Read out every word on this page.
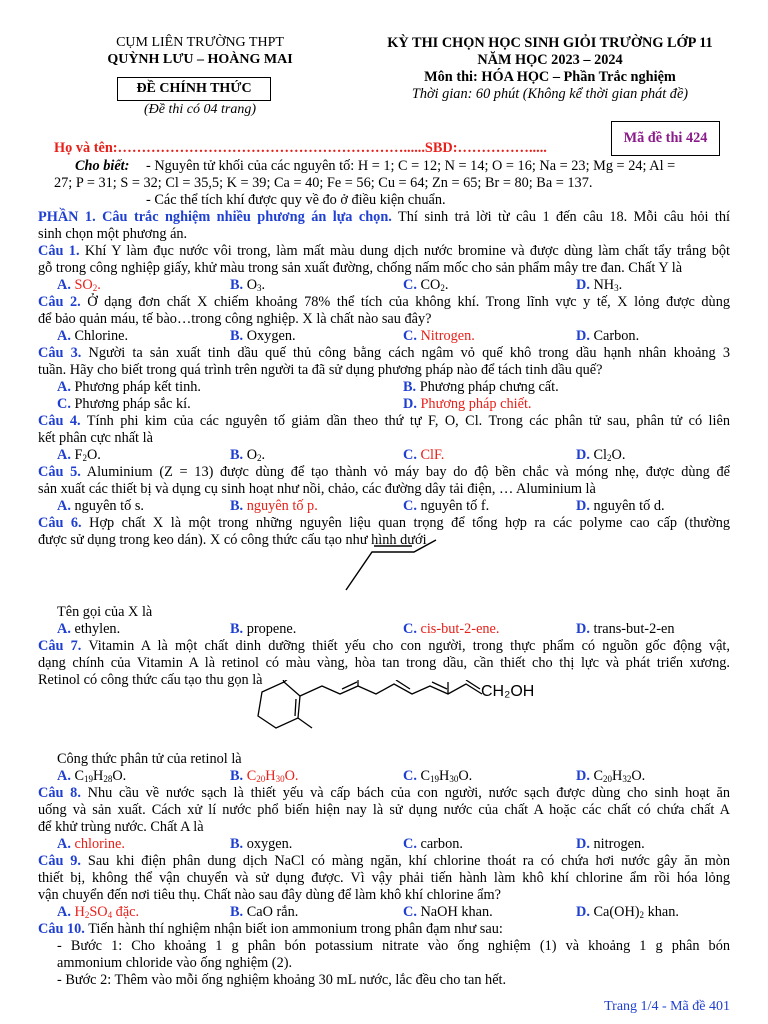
CỤM LIÊN TRƯỜNG THPT
QUỲNH LƯU – HOÀNG MAI
ĐỀ CHÍNH THỨC
(Đề thi có 04 trang)
KỲ THI CHỌN HỌC SINH GIỎI TRƯỜNG LỚP 11
NĂM HỌC 2023 – 2024
Môn thi: HÓA HỌC – Phần Trắc nghiệm
Thời gian: 60 phút (Không kể thời gian phát đề)
Mã đề thi 424
Họ và tên:……………………………………………………......SBD:…………….....
Cho biết: - Nguyên tử khối của các nguyên tố: H = 1; C = 12; N = 14; O = 16; Na = 23; Mg = 24; Al =
27; P = 31; S = 32; Cl = 35,5; K = 39; Ca = 40; Fe = 56; Cu = 64; Zn = 65; Br = 80; Ba = 137.
- Các thể tích khí được quy về đo ở điều kiện chuẩn.
PHẦN 1. Câu trắc nghiệm nhiều phương án lựa chọn. Thí sinh trả lời từ câu 1 đến câu 18. Mỗi câu hỏi thí
sinh chọn một phương án.
Câu 1. Khí Y làm đục nước vôi trong, làm mất màu dung dịch nước bromine và được dùng làm chất tẩy trắng bột
gỗ trong công nghiệp giấy, khử màu trong sản xuất đường, chống nấm mốc cho sản phẩm mây tre đan. Chất Y là
A. $SO_2$.	B. $O_3$.	C. $CO_2$.	D. $NH_3$.
Câu 2. Ở dạng đơn chất X chiếm khoảng 78% thể tích của không khí. Trong lĩnh vực y tế, X lỏng được dùng
để bảo quản máu, tế bào…trong công nghiệp. X là chất nào sau đây?
A. Chlorine.	B. Oxygen.	C. Nitrogen.	D. Carbon.
Câu 3. Người ta sản xuất tinh dầu quế thủ công bằng cách ngâm vỏ quế khô trong dầu hạnh nhân khoảng 3
tuần. Hãy cho biết trong quá trình trên người ta đã sử dụng phương pháp nào để tách tinh dầu quế?
A. Phương pháp kết tinh.	B. Phương pháp chưng cất.
C. Phương pháp sắc kí.	D. Phương pháp chiết.
Câu 4. Tính phi kim của các nguyên tố giảm dần theo thứ tự F, O, Cl. Trong các phân tử sau, phân tử có liên
kết phân cực nhất là
A. $F_2O$.	B. $O_2$.	C. ClF.	D. $Cl_2O$.
Câu 5. Aluminium (Z = 13) được dùng để tạo thành vỏ máy bay do độ bền chắc và móng nhẹ, được dùng để
sản xuất các thiết bị và dụng cụ sinh hoạt như nồi, chảo, các đường dây tải điện, … Aluminium là
A. nguyên tố s.	B. nguyên tố p.	C. nguyên tố f.	D. nguyên tố d.
Câu 6. Hợp chất X là một trong những nguyên liệu quan trọng để tổng hợp ra các polyme cao cấp (thường
được sử dụng trong keo dán). X có công thức cấu tạo như hình dưới
Tên gọi của X là
A. ethylen.	B. propene.	C. cis-but-2-ene.	D. trans-but-2-en
Câu 7. Vitamin A là một chất dinh dưỡng thiết yếu cho con người, trong thực phẩm có nguồn gốc động vật,
dạng chính của Vitamin A là retinol có màu vàng, hòa tan trong dầu, cần thiết cho thị lực và phát triển xương.
Retinol có công thức cấu tạo thu gọn là
CH₂OH
Công thức phân tử của retinol là
A. $C_{19}H_{28}O$.	B. $C_{20}H_{30}O$.	C. $C_{19}H_{30}O$.	D. $C_{20}H_{32}O$.
Câu 8. Nhu cầu về nước sạch là thiết yếu và cấp bách của con người, nước sạch được dùng cho sinh hoạt ăn
uống và sản xuất. Cách xử lí nước phổ biến hiện nay là sử dụng nước của chất A hoặc các chất có chứa chất A
để khử trùng nước. Chất A là
A. chlorine.	B. oxygen.	C. carbon.	D. nitrogen.
Câu 9. Sau khi điện phân dung dịch NaCl có màng ngăn, khí chlorine thoát ra có chứa hơi nước gây ăn mòn
thiết bị, không thể vận chuyển và sử dụng được. Vì vậy phải tiến hành làm khô khí chlorine ẩm rồi hóa lỏng
vận chuyển đến nơi tiêu thụ. Chất nào sau đây dùng để làm khô khí chlorine ẩm?
A. $H_2SO_4$ đặc.	B. CaO rắn.	C. NaOH khan.	D. $Ca(OH)_2$ khan.
Câu 10. Tiến hành thí nghiệm nhận biết ion ammonium trong phân đạm như sau:
- Bước 1: Cho khoảng 1 g phân bón potassium nitrate vào ống nghiệm (1) và khoảng 1 g phân bón
ammonium chloride vào ống nghiệm (2).
- Bước 2: Thêm vào mỗi ống nghiệm khoảng 30 mL nước, lắc đều cho tan hết.
Trang 1/4 - Mã đề 401
